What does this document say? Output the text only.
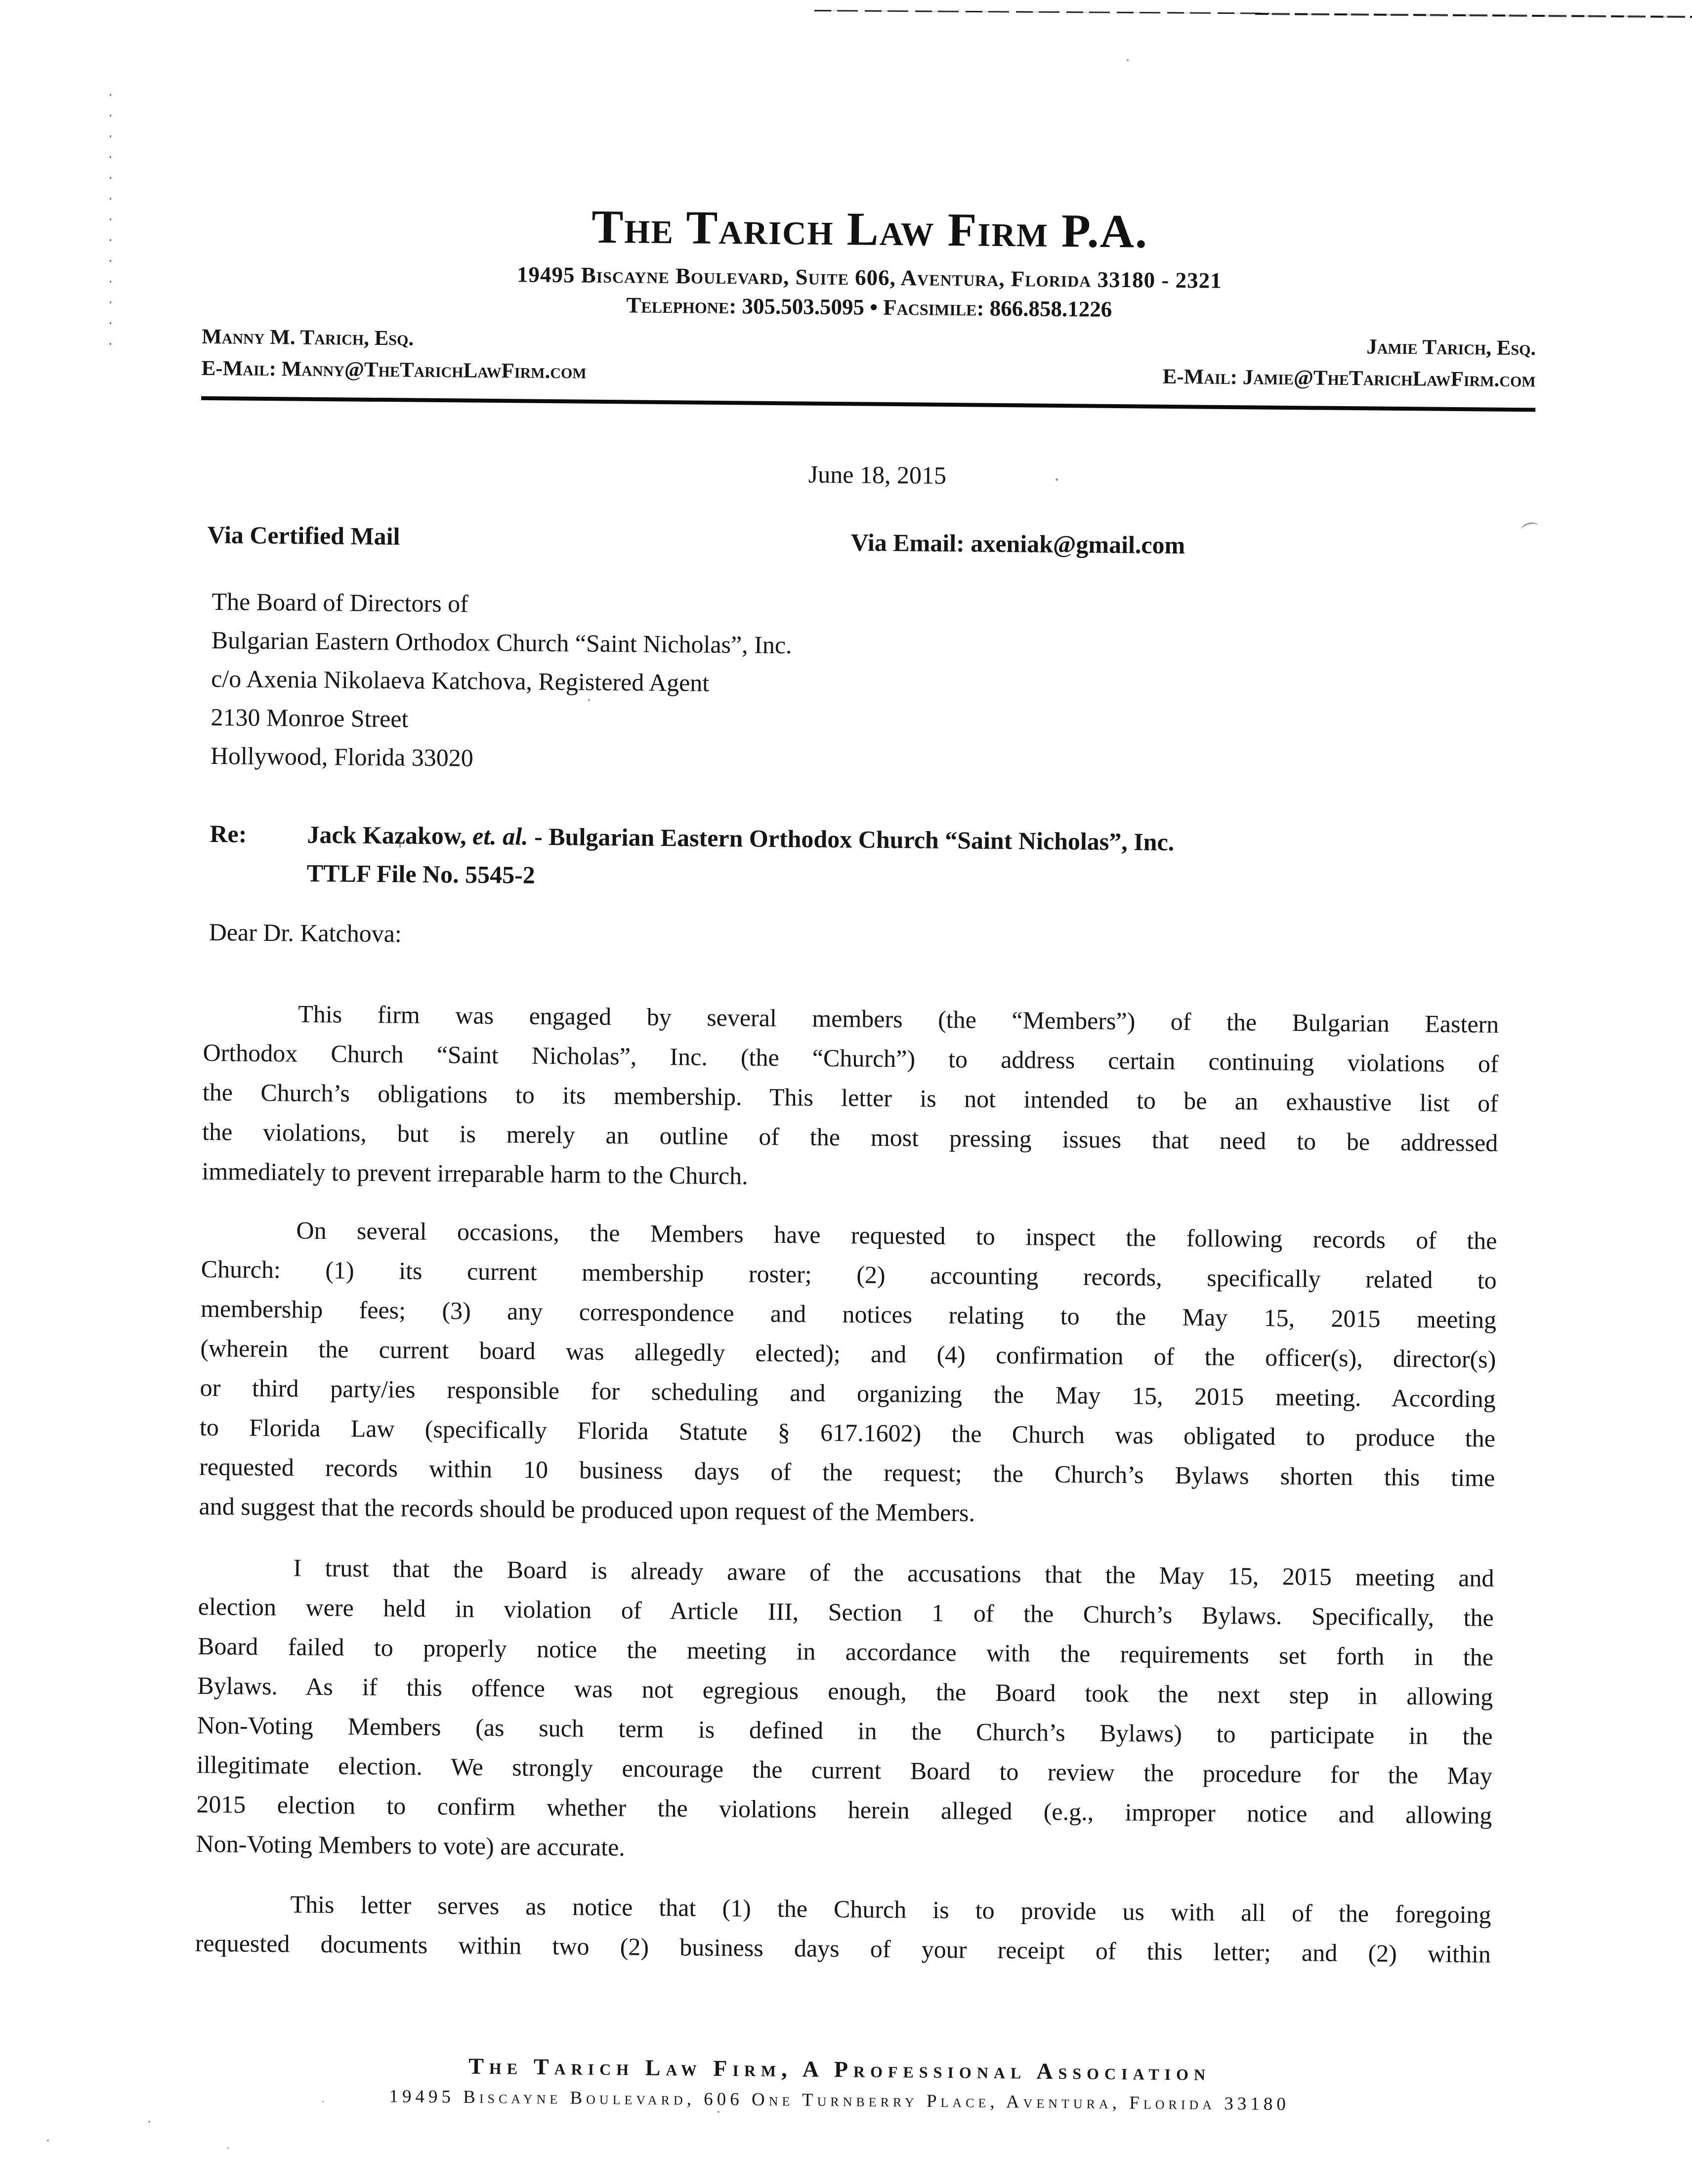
The Tarich Law Firm P.A.
19495 Biscayne Boulevard, Suite 606, Aventura, Florida 33180 - 2321
Telephone: 305.503.5095 • Facsimile: 866.858.1226
Manny M. Tarich, Esq.
E-Mail: Manny@TheTarichLawFirm.com
Jamie Tarich, Esq.
E-Mail: Jamie@TheTarichLawFirm.com
June 18, 2015
Via Certified Mail	Via Email: axeniak@gmail.com
The Board of Directors of
Bulgarian Eastern Orthodox Church “Saint Nicholas”, Inc.
c/o Axenia Nikolaeva Katchova, Registered Agent
2130 Monroe Street
Hollywood, Florida 33020
Re:	Jack Kazakow, et. al. - Bulgarian Eastern Orthodox Church “Saint Nicholas”, Inc.
TTLF File No. 5545-2
Dear Dr. Katchova:
This firm was engaged by several members (the “Members”) of the Bulgarian Eastern
Orthodox Church “Saint Nicholas”, Inc. (the “Church”) to address certain continuing violations of
the Church’s obligations to its membership. This letter is not intended to be an exhaustive list of
the violations, but is merely an outline of the most pressing issues that need to be addressed
immediately to prevent irreparable harm to the Church.
On several occasions, the Members have requested to inspect the following records of the
Church: (1) its current membership roster; (2) accounting records, specifically related to
membership fees; (3) any correspondence and notices relating to the May 15, 2015 meeting
(wherein the current board was allegedly elected); and (4) confirmation of the officer(s), director(s)
or third party/ies responsible for scheduling and organizing the May 15, 2015 meeting. According
to Florida Law (specifically Florida Statute § 617.1602) the Church was obligated to produce the
requested records within 10 business days of the request; the Church’s Bylaws shorten this time
and suggest that the records should be produced upon request of the Members.
I trust that the Board is already aware of the accusations that the May 15, 2015 meeting and
election were held in violation of Article III, Section 1 of the Church’s Bylaws. Specifically, the
Board failed to properly notice the meeting in accordance with the requirements set forth in the
Bylaws. As if this offence was not egregious enough, the Board took the next step in allowing
Non-Voting Members (as such term is defined in the Church’s Bylaws) to participate in the
illegitimate election. We strongly encourage the current Board to review the procedure for the May
2015 election to confirm whether the violations herein alleged (e.g., improper notice and allowing
Non-Voting Members to vote) are accurate.
This letter serves as notice that (1) the Church is to provide us with all of the foregoing
requested documents within two (2) business days of your receipt of this letter; and (2) within
The Tarich Law Firm, A Professional Association
19495 Biscayne Boulevard, 606 One Turnberry Place, Aventura, Florida 33180
